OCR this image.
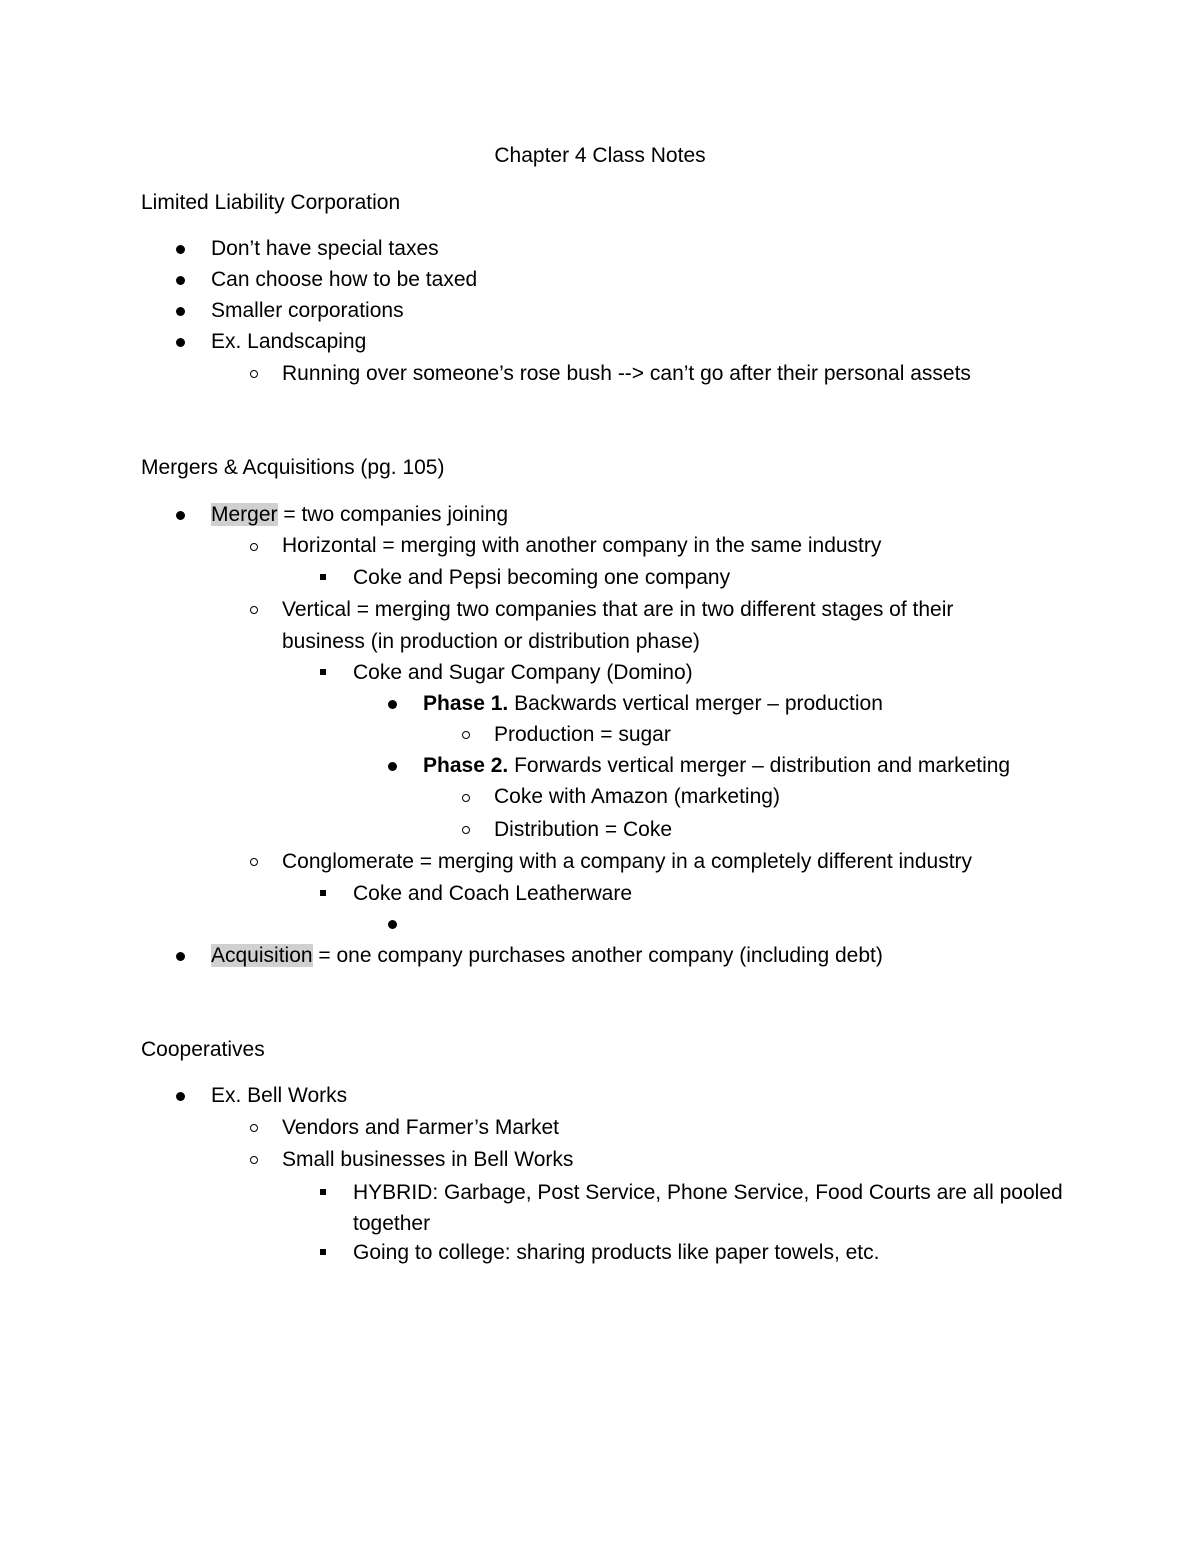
Chapter 4 Class Notes
Limited Liability Corporation
Don’t have special taxes
Can choose how to be taxed
Smaller corporations
Ex. Landscaping
Running over someone’s rose bush --> can’t go after their personal assets
Mergers & Acquisitions (pg. 105)
Merger = two companies joining
Horizontal = merging with another company in the same industry
Coke and Pepsi becoming one company
Vertical = merging two companies that are in two different stages of their
business (in production or distribution phase)
Coke and Sugar Company (Domino)
Phase 1. Backwards vertical merger – production
Production = sugar
Phase 2. Forwards vertical merger – distribution and marketing
Coke with Amazon (marketing)
Distribution = Coke
Conglomerate = merging with a company in a completely different industry
Coke and Coach Leatherware
Acquisition = one company purchases another company (including debt)
Cooperatives
Ex. Bell Works
Vendors and Farmer’s Market
Small businesses in Bell Works
HYBRID: Garbage, Post Service, Phone Service, Food Courts are all pooled
together
Going to college: sharing products like paper towels, etc.
